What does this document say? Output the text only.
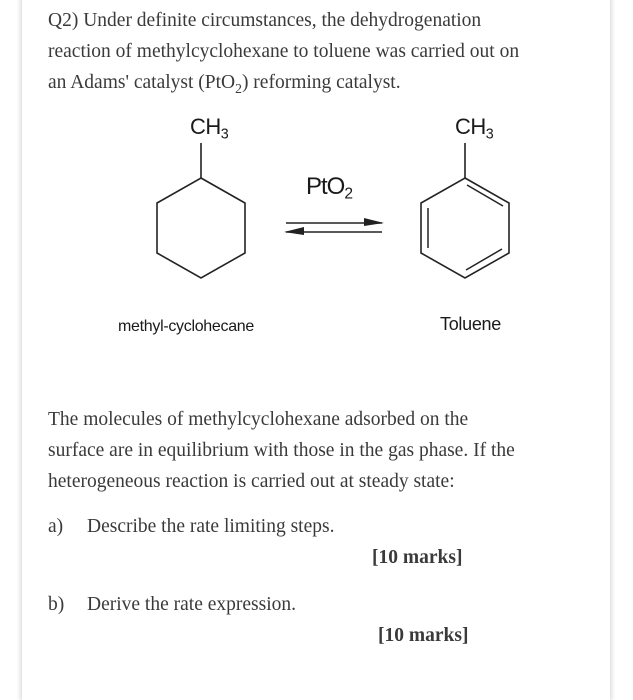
Q2) Under definite circumstances, the dehydrogenation
reaction of methylcyclohexane to toluene was carried out on
an Adams' catalyst (PtO$_2$) reforming catalyst.

$CH_3$	$CH_3$
PtO$_2$
methyl-cyclohecane	Toluene

The molecules of methylcyclohexane adsorbed on the
surface are in equilibrium with those in the gas phase. If the
heterogeneous reaction is carried out at steady state:

a) Describe the rate limiting steps.
[10 marks]
b) Derive the rate expression.
[10 marks]
